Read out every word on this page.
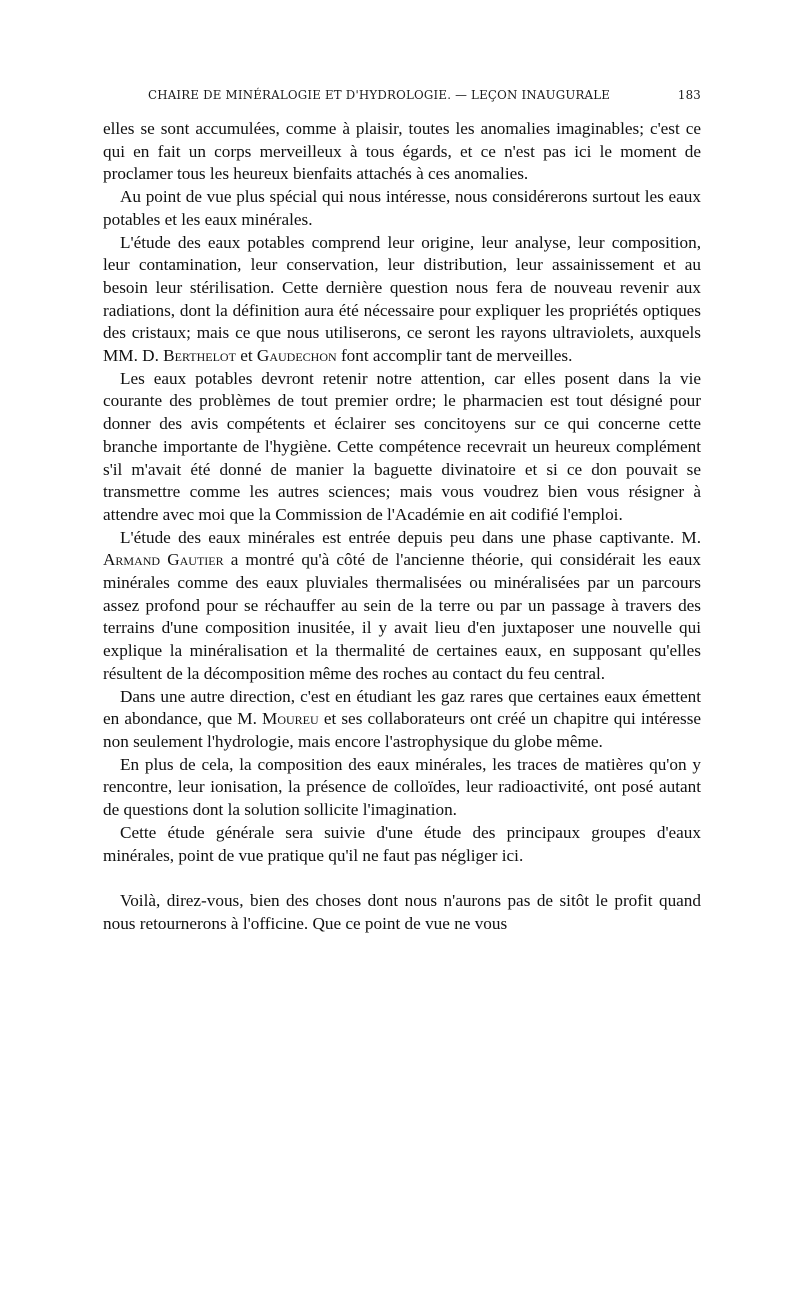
CHAIRE DE MINÉRALOGIE ET D'HYDROLOGIE. — LEÇON INAUGURALE	183

elles se sont accumulées, comme à plaisir, toutes les anomalies imaginables; c'est ce qui en fait un corps merveilleux à tous égards, et ce n'est pas ici le moment de proclamer tous les heureux bienfaits attachés à ces anomalies.

Au point de vue plus spécial qui nous intéresse, nous considérerons surtout les eaux potables et les eaux minérales.

L'étude des eaux potables comprend leur origine, leur analyse, leur composition, leur contamination, leur conservation, leur distribution, leur assainissement et au besoin leur stérilisation. Cette dernière question nous fera de nouveau revenir aux radiations, dont la définition aura été nécessaire pour expliquer les propriétés optiques des cristaux; mais ce que nous utiliserons, ce seront les rayons ultraviolets, auxquels MM. D. Berthelot et Gaudechon font accomplir tant de merveilles.

Les eaux potables devront retenir notre attention, car elles posent dans la vie courante des problèmes de tout premier ordre; le pharmacien est tout désigné pour donner des avis compétents et éclairer ses concitoyens sur ce qui concerne cette branche importante de l'hygiène. Cette compétence recevrait un heureux complément s'il m'avait été donné de manier la baguette divinatoire et si ce don pouvait se transmettre comme les autres sciences; mais vous voudrez bien vous résigner à attendre avec moi que la Commission de l'Académie en ait codifié l'emploi.

L'étude des eaux minérales est entrée depuis peu dans une phase captivante. M. Armand Gautier a montré qu'à côté de l'ancienne théorie, qui considérait les eaux minérales comme des eaux pluviales thermalisées ou minéralisées par un parcours assez profond pour se réchauffer au sein de la terre ou par un passage à travers des terrains d'une composition inusitée, il y avait lieu d'en juxtaposer une nouvelle qui explique la minéralisation et la thermalité de certaines eaux, en supposant qu'elles résultent de la décomposition même des roches au contact du feu central.

Dans une autre direction, c'est en étudiant les gaz rares que certaines eaux émettent en abondance, que M. Moureu et ses collaborateurs ont créé un chapitre qui intéresse non seulement l'hydrologie, mais encore l'astrophysique du globe même.

En plus de cela, la composition des eaux minérales, les traces de matières qu'on y rencontre, leur ionisation, la présence de colloïdes, leur radioactivité, ont posé autant de questions dont la solution sollicite l'imagination.

Cette étude générale sera suivie d'une étude des principaux groupes d'eaux minérales, point de vue pratique qu'il ne faut pas négliger ici.

Voilà, direz-vous, bien des choses dont nous n'aurons pas de sitôt le profit quand nous retournerons à l'officine. Que ce point de vue ne vous
